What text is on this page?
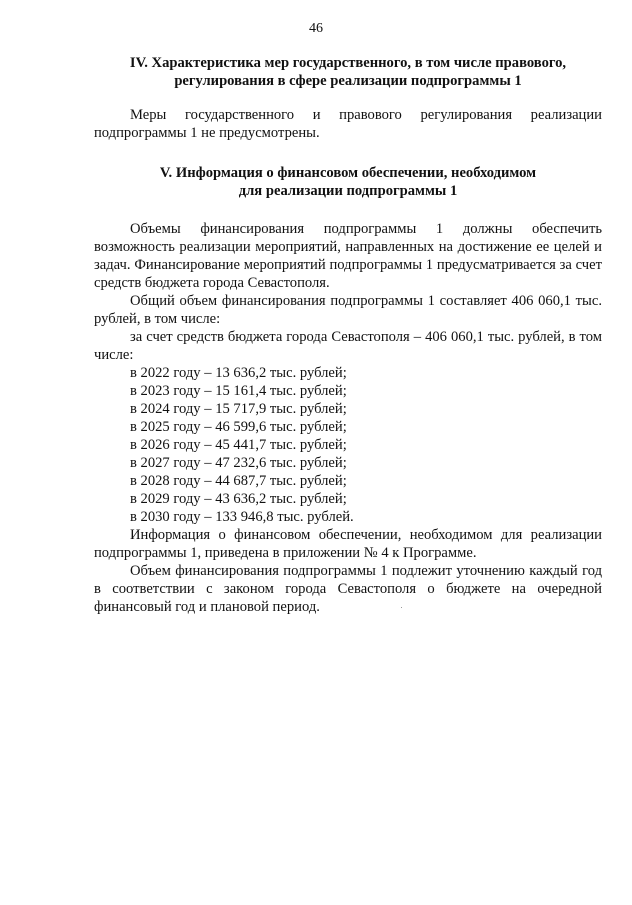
46
IV. Характеристика мер государственного, в том числе правового,
регулирования в сфере реализации подпрограммы 1

Меры государственного и правового регулирования реализации подпрограммы 1 не предусмотрены.

V. Информация о финансовом обеспечении, необходимом
для реализации подпрограммы 1

Объемы финансирования подпрограммы 1 должны обеспечить возможность реализации мероприятий, направленных на достижение ее целей и задач. Финансирование мероприятий подпрограммы 1 предусматривается за счет средств бюджета города Севастополя.

Общий объем финансирования подпрограммы 1 составляет 406 060,1 тыс. рублей, в том числе:

за счет средств бюджета города Севастополя – 406 060,1 тыс. рублей, в том числе:

в 2022 году – 13 636,2 тыс. рублей;
в 2023 году – 15 161,4 тыс. рублей;
в 2024 году – 15 717,9 тыс. рублей;
в 2025 году – 46 599,6 тыс. рублей;
в 2026 году – 45 441,7 тыс. рублей;
в 2027 году – 47 232,6 тыс. рублей;
в 2028 году – 44 687,7 тыс. рублей;
в 2029 году – 43 636,2 тыс. рублей;
в 2030 году – 133 946,8 тыс. рублей.

Информация о финансовом обеспечении, необходимом для реализации подпрограммы 1, приведена в приложении № 4 к Программе.

Объем финансирования подпрограммы 1 подлежит уточнению каждый год в соответствии с законом города Севастополя о бюджете на очередной финансовый год и плановой период.
